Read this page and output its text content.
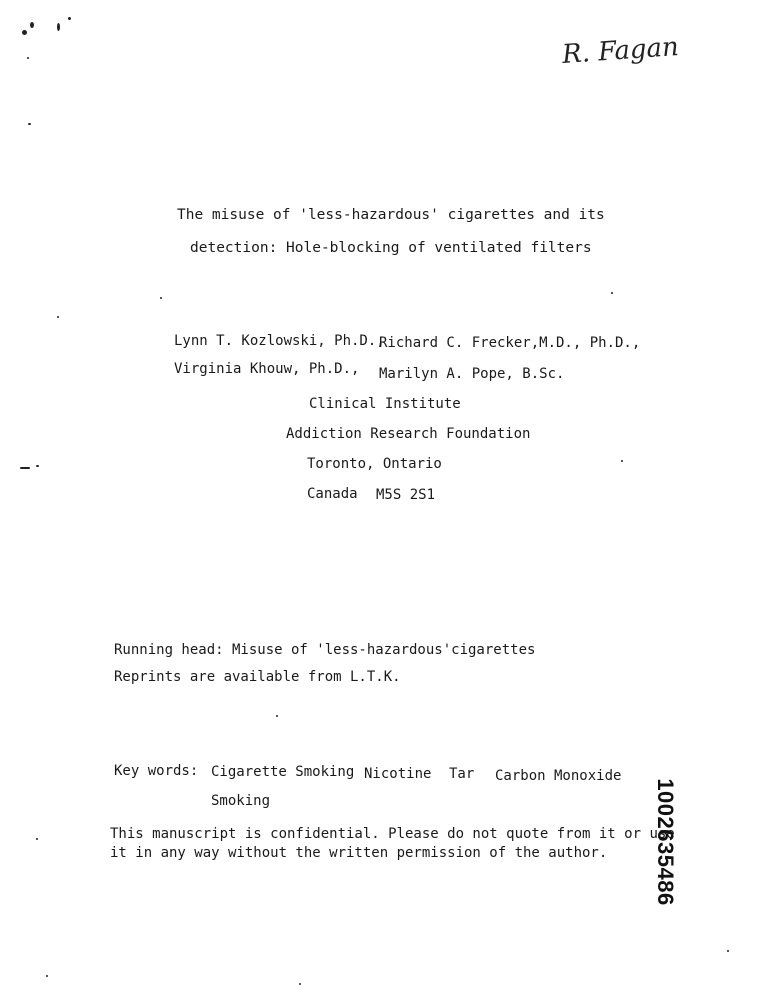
R. Fagan
The misuse of 'less-hazardous' cigarettes and its
detection: Hole-blocking of ventilated filters
Lynn T. Kozlowski, Ph.D.,
Richard C. Frecker,M.D., Ph.D.,
Virginia Khouw, Ph.D., Marilyn A. Pope, B.Sc.
Clinical Institute
Addiction Research Foundation
Toronto, Ontario
Canada M5S 2S1
Running head: Misuse of 'less-hazardous'cigarettes
Reprints are available from L.T.K.
Key words: Cigarette Smoking Nicotine Tar Carbon Monoxide
Smoking
This manuscript is confidential. Please do not quote from it or use
it in any way without the written permission of the author. 1002635486
